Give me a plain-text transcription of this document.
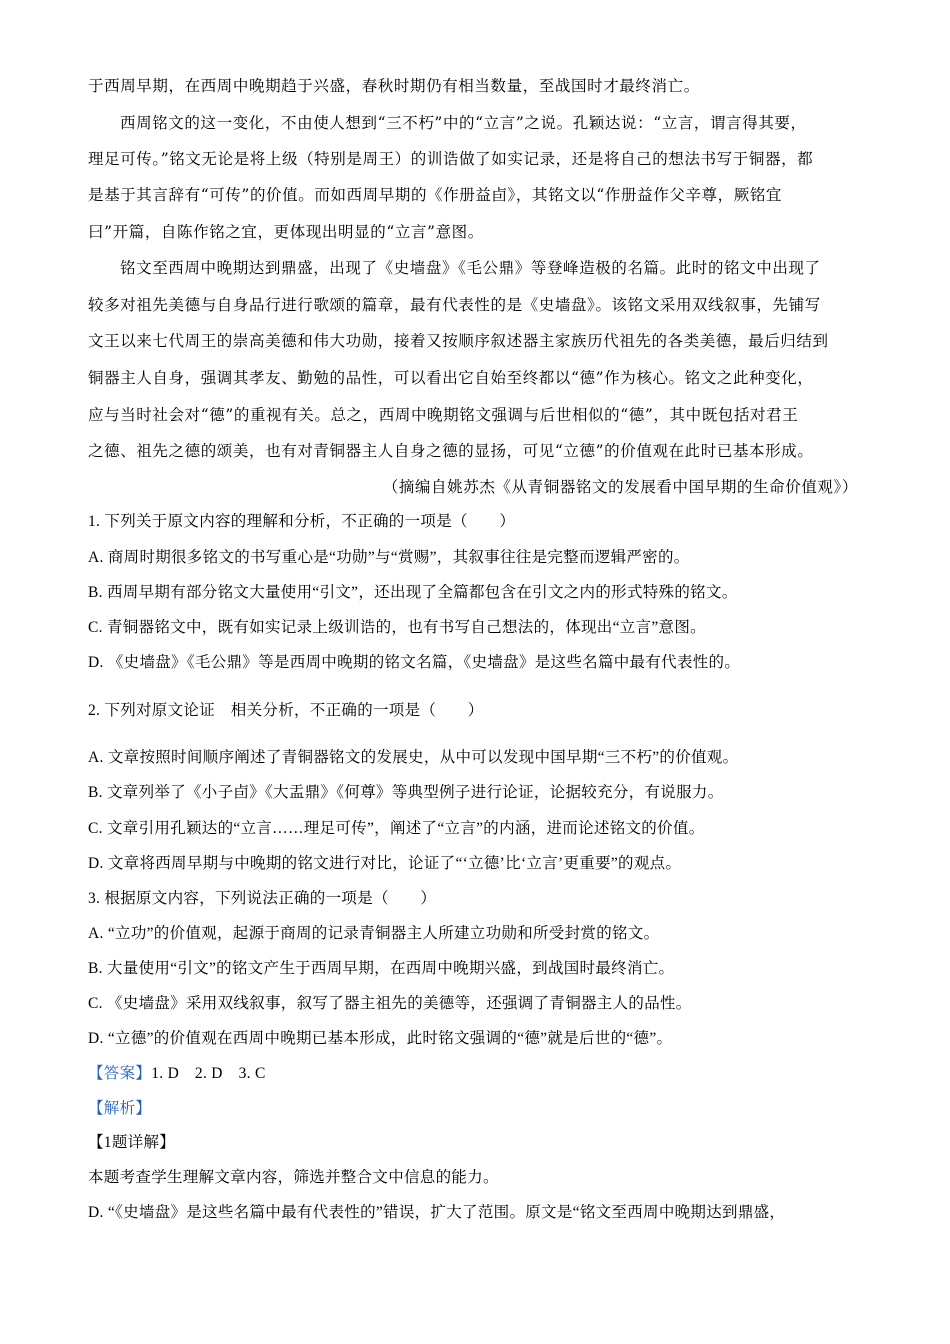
于西周早期，在西周中晚期趋于兴盛，春秋时期仍有相当数量，至战国时才最终消亡。
西周铭文的这一变化，不由使人想到“三不朽”中的“立言”之说。孔颖达说：“立言，谓言得其要，
理足可传。”铭文无论是将上级（特别是周王）的训诰做了如实记录，还是将自己的想法书写于铜器，都
是基于其言辞有“可传”的价值。而如西周早期的《作册益卣》，其铭文以“作册益作父辛尊，厥铭宜
曰”开篇，自陈作铭之宜，更体现出明显的“立言”意图。
铭文至西周中晚期达到鼎盛，出现了《史墙盘》《毛公鼎》等登峰造极的名篇。此时的铭文中出现了
较多对祖先美德与自身品行进行歌颂的篇章，最有代表性的是《史墙盘》。该铭文采用双线叙事，先铺写
文王以来七代周王的崇高美德和伟大功勋，接着又按顺序叙述器主家族历代祖先的各类美德，最后归结到
铜器主人自身，强调其孝友、勤勉的品性，可以看出它自始至终都以“德”作为核心。铭文之此种变化，
应与当时社会对“德”的重视有关。总之，西周中晚期铭文强调与后世相似的“德”，其中既包括对君王
之德、祖先之德的颂美，也有对青铜器主人自身之德的显扬，可见“立德”的价值观在此时已基本形成。
（摘编自姚苏杰《从青铜器铭文的发展看中国早期的生命价值观》）
1. 下列关于原文内容的理解和分析，不正确的一项是（　　）
A. 商周时期很多铭文的书写重心是“功勋”与“赏赐”，其叙事往往是完整而逻辑严密的。
B. 西周早期有部分铭文大量使用“引文”，还出现了全篇都包含在引文之内的形式特殊的铭文。
C. 青铜器铭文中，既有如实记录上级训诰的，也有书写自己想法的，体现出“立言”意图。
D. 《史墙盘》《毛公鼎》等是西周中晚期的铭文名篇，《史墙盘》是这些名篇中最有代表性的。
2. 下列对原文论证　相关分析，不正确的一项是（　　）
A. 文章按照时间顺序阐述了青铜器铭文的发展史，从中可以发现中国早期“三不朽”的价值观。
B. 文章列举了《小子卣》《大盂鼎》《何尊》等典型例子进行论证，论据较充分，有说服力。
C. 文章引用孔颖达的“立言……理足可传”，阐述了“立言”的内涵，进而论述铭文的价值。
D. 文章将西周早期与中晚期的铭文进行对比，论证了“‘立德’比‘立言’更重要”的观点。
3. 根据原文内容，下列说法正确的一项是（　　）
A. “立功”的价值观，起源于商周的记录青铜器主人所建立功勋和所受封赏的铭文。
B. 大量使用“引文”的铭文产生于西周早期，在西周中晚期兴盛，到战国时最终消亡。
C. 《史墙盘》采用双线叙事，叙写了器主祖先的美德等，还强调了青铜器主人的品性。
D. “立德”的价值观在西周中晚期已基本形成，此时铭文强调的“德”就是后世的“德”。
【答案】1. D　2. D　3. C
【解析】
【1题详解】
本题考查学生理解文章内容，筛选并整合文中信息的能力。
D. “《史墙盘》是这些名篇中最有代表性的”错误，扩大了范围。原文是“铭文至西周中晚期达到鼎盛，
